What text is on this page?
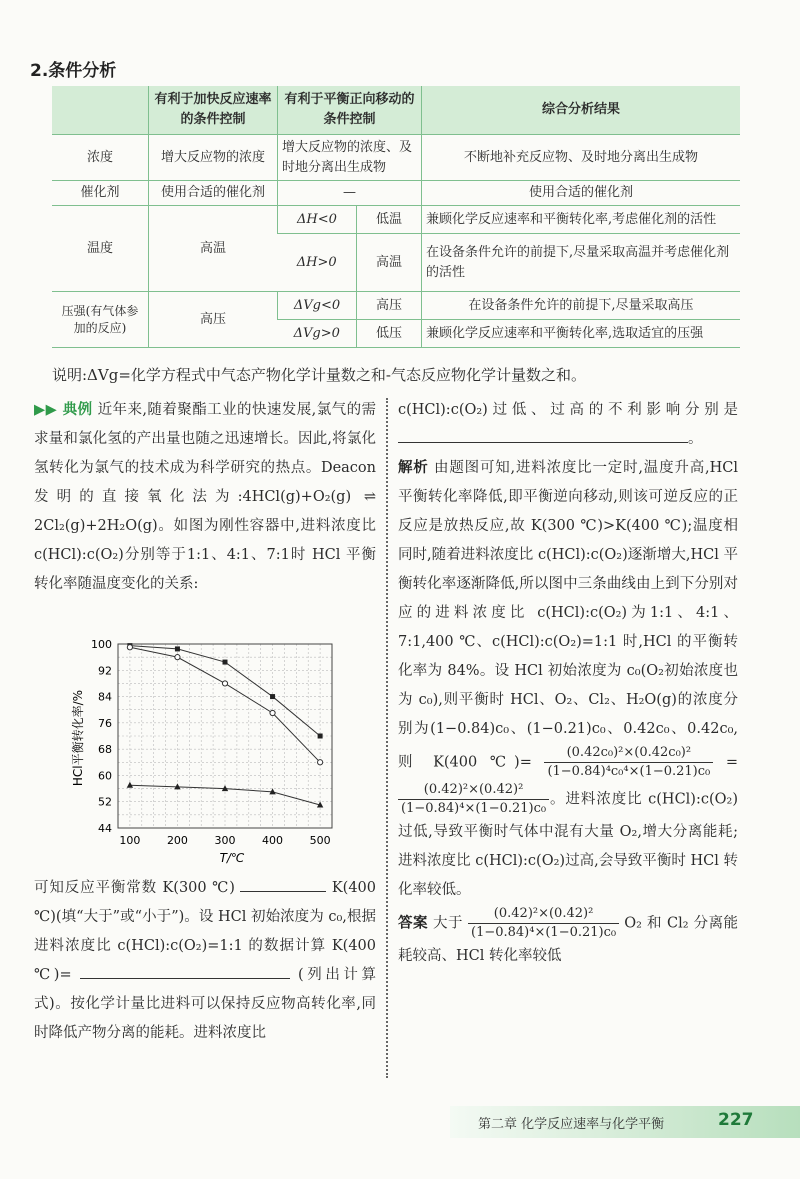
2.条件分析
	有利于加快反应速率的条件控制	有利于平衡正向移动的条件控制		综合分析结果
浓度	增大反应物的浓度	增大反应物的浓度、及时地分离出生成物		不断地补充反应物、及时地分离出生成物
催化剂	使用合适的催化剂	—		使用合适的催化剂
温度	高温	ΔH<0	低温	兼顾化学反应速率和平衡转化率,考虑催化剂的活性
		ΔH>0	高温	在设备条件允许的前提下,尽量采取高温并考虑催化剂的活性
压强(有气体参加的反应)	高压	ΔVg<0	高压	在设备条件允许的前提下,尽量采取高压
		ΔVg>0	低压	兼顾化学反应速率和平衡转化率,选取适宜的压强
说明:ΔVg=化学方程式中气态产物化学计量数之和-气态反应物化学计量数之和。
▶▶ 典例 近年来,随着聚酯工业的快速发展,氯气的需求量和氯化氢的产出量也随之迅速增长。因此,将氯化氢转化为氯气的技术成为科学研究的热点。Deacon 发明的直接氧化法为:4HCl(g)+O₂(g) ⇌ 2Cl₂(g)+2H₂O(g)。如图为刚性容器中,进料浓度比 c(HCl):c(O₂)分别等于1:1、4:1、7:1时 HCl 平衡转化率随温度变化的关系:
44
52
60
68
76
84
92
100
100 200 300 400 500
T/℃
HCl平衡转化率/%
可知反应平衡常数 K(300 ℃)	K(400 ℃)(填“大于”或“小于”)。设 HCl 初始浓度为 c₀,根据进料浓度比 c(HCl):c(O₂)=1:1 的数据计算 K(400 ℃)=	(列出计算式)。按化学计量比进料可以保持反应物高转化率,同时降低产物分离的能耗。进料浓度比
c(HCl):c(O₂)过低、过高的不利影响分别是 。
解析 由题图可知,进料浓度比一定时,温度升高,HCl 平衡转化率降低,即平衡逆向移动,则该可逆反应的正反应是放热反应,故 K(300 ℃)>K(400 ℃);温度相同时,随着进料浓度比 c(HCl):c(O₂)逐渐增大,HCl 平衡转化率逐渐降低,所以图中三条曲线由上到下分别对应的进料浓度比 c(HCl):c(O₂)为1:1、4:1、7:1,400 ℃、c(HCl):c(O₂)=1:1 时,HCl 的平衡转化率为 84%。设 HCl 初始浓度为 c₀(O₂初始浓度也为 c₀),则平衡时 HCl、O₂、Cl₂、H₂O(g)的浓度分别为(1−0.84)c₀、(1−0.21)c₀、0.42c₀、0.42c₀,则 K(400 ℃)= $\frac{\text{(0.42c₀)²×(0.42c₀)²}}{\text{(1−0.84)⁴c₀⁴×(1−0.21)c₀}}$ =
$\frac{\text{(0.42)²×(0.42)²}}{\text{(1−0.84)⁴×(1−0.21)c₀}}$ 。进料浓度比 c(HCl):c(O₂)过低,导致平衡时气体中混有大量 O₂,增大分离能耗;进料浓度比 c(HCl):c(O₂)过高,会导致平衡时 HCl 转化率较低。
答案 大于 $\frac{\text{(0.42)²×(0.42)²}}{\text{(1−0.84)⁴×(1−0.21)c₀}} O_2$ 和 Cl₂ 分离能耗较高、HCl 转化率较低
第二章 化学反应速率与化学平衡	227
